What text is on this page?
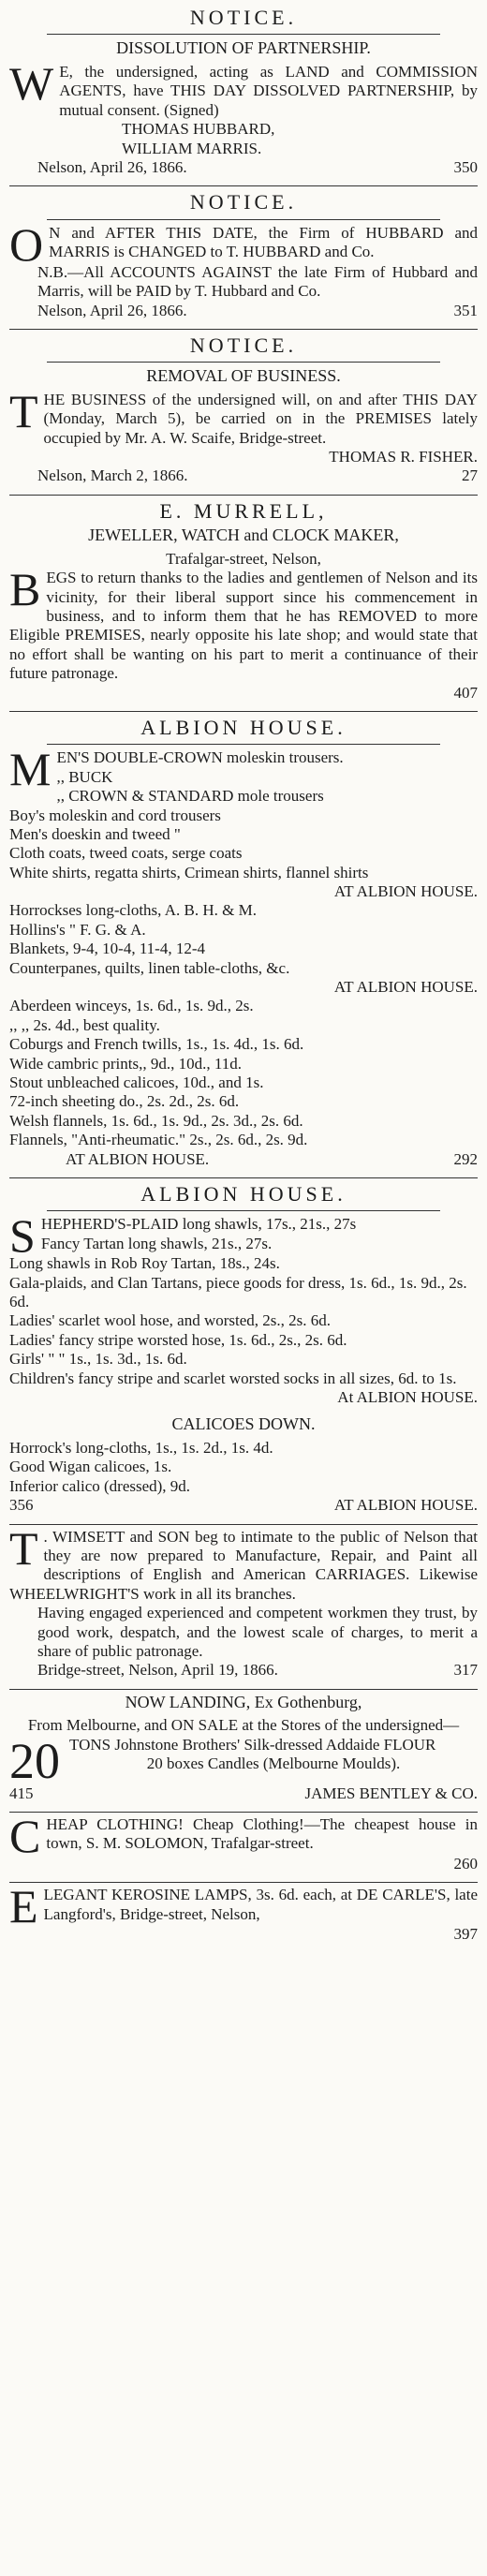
NOTICE.
DISSOLUTION OF PARTNERSHIP.

W E, the undersigned, acting as LAND and COMMISSION AGENTS, have THIS DAY DISSOLVED PARTNERSHIP, by mutual consent. (Signed)

THOMAS HUBBARD,
WILLIAM MARRIS.
Nelson, April 26, 1866.	350
NOTICE.

O N and AFTER THIS DATE, the Firm of HUBBARD and MARRIS is CHANGED to T. HUBBARD and Co.

N.B.—All ACCOUNTS AGAINST the late Firm of Hubbard and Marris, will be PAID by T. Hubbard and Co.

Nelson, April 26, 1866.	351
NOTICE.
REMOVAL OF BUSINESS.

THE BUSINESS of the undersigned will, on and after THIS DAY (Monday, March 5), be carried on in the PREMISES lately occupied by Mr. A. W. Scaife, Bridge-street.

THOMAS R. FISHER.
Nelson, March 2, 1866.	27
E. MURRELL,
JEWELLER, WATCH and CLOCK MAKER,
Trafalgar-street, Nelson,

BEGS to return thanks to the ladies and gentlemen of Nelson and its vicinity, for their liberal support since his commencement in business, and to inform them that he has REMOVED to more Eligible PREMISES, nearly opposite his late shop; and would state that no effort shall be wanting on his part to merit a continuance of their future patronage.

407
ALBION HOUSE.

MEN'S DOUBLE-CROWN moleskin trousers.

,, BUCK

,, CROWN & STANDARD mole trousers

Boy's moleskin and cord trousers

Men's doeskin and tweed "

Cloth coats, tweed coats, serge coats

White shirts, regatta shirts, Crimean shirts, flannel shirts

AT ALBION HOUSE.

Horrockses long-cloths, A. B. H. & M.

Hollins's " F. G. & A.

Blankets, 9-4, 10-4, 11-4, 12-4

Counterpanes, quilts, linen table-cloths, &c.

AT ALBION HOUSE.

Aberdeen winceys, 1s. 6d., 1s. 9d., 2s.

,, ,, 2s. 4d., best quality.

Coburgs and French twills, 1s., 1s. 4d., 1s. 6d.

Wide cambric prints,, 9d., 10d., 11d.

Stout unbleached calicoes, 10d., and 1s.

72-inch sheeting do., 2s. 2d., 2s. 6d.

Welsh flannels, 1s. 6d., 1s. 9d., 2s. 3d., 2s. 6d.

Flannels, "Anti-rheumatic." 2s., 2s. 6d., 2s. 9d.

AT ALBION HOUSE.	292
ALBION HOUSE.

SHEPHERD'S-PLAID long shawls, 17s., 21s., 27s

Fancy Tartan long shawls, 21s., 27s.

Long shawls in Rob Roy Tartan, 18s., 24s.

Gala-plaids, and Clan Tartans, piece goods for dress, 1s. 6d., 1s. 9d., 2s. 6d.

Ladies' scarlet wool hose, and worsted, 2s., 2s. 6d.

Ladies' fancy stripe worsted hose, 1s. 6d., 2s., 2s. 6d.

Girls' " " 1s., 1s. 3d., 1s. 6d.

Children's fancy stripe and scarlet worsted socks in all sizes, 6d. to 1s.

At ALBION HOUSE.

CALICOES DOWN.

Horrock's long-cloths, 1s., 1s. 2d., 1s. 4d.

Good Wigan calicoes, 1s.

Inferior calico (dressed), 9d.

356	AT ALBION HOUSE.

T . WIMSETT and SON beg to intimate to the public of Nelson that they are now prepared to Manufacture, Repair, and Paint all descriptions of English and American CARRIAGES. Likewise WHEELWRIGHT'S work in all its branches.

Having engaged experienced and competent workmen they trust, by good work, despatch, and the lowest scale of charges, to merit a share of public patronage.

Bridge-street, Nelson, April 19, 1866.	317
NOW LANDING, Ex Gothenburg,

From Melbourne, and ON SALE at the Stores of the undersigned—

20 TONS Johnstone Brothers' Silk-dressed Addaide FLOUR

20 boxes Candles (Melbourne Moulds).

415	JAMES BENTLEY & CO.

CHEAP CLOTHING! Cheap Clothing!—The cheapest house in town, S. M. SOLOMON, Trafalgar-street.

260

ELEGANT KEROSINE LAMPS, 3s. 6d. each, at DE CARLE'S, late Langford's, Bridge-street, Nelson,

397
